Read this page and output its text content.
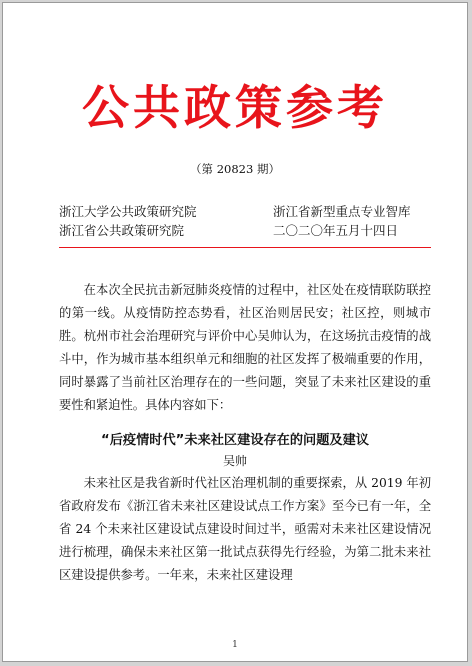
公共政策参考
（第 20823 期）
浙江大学公共政策研究院
浙江省公共政策研究院
浙江省新型重点专业智库
二〇二〇年五月十四日

在本次全民抗击新冠肺炎疫情的过程中，社区处在疫情联防联控的第一线。从疫情防控态势看，社区治则居民安；社区控，则城市胜。杭州市社会治理研究与评价中心吴帅认为，在这场抗击疫情的战斗中，作为城市基本组织单元和细胞的社区发挥了极端重要的作用，同时暴露了当前社区治理存在的一些问题，突显了未来社区建设的重要性和紧迫性。具体内容如下：

“后疫情时代”未来社区建设存在的问题及建议
吴帅

未来社区是我省新时代社区治理机制的重要探索，从 2019 年初省政府发布《浙江省未来社区建设试点工作方案》至今已有一年，全省 24 个未来社区建设试点建设时间过半，亟需对未来社区建设情况进行梳理，确保未来社区第一批试点获得先行经验，为第二批未来社区建设提供参考。一年来，未来社区建设理

1
